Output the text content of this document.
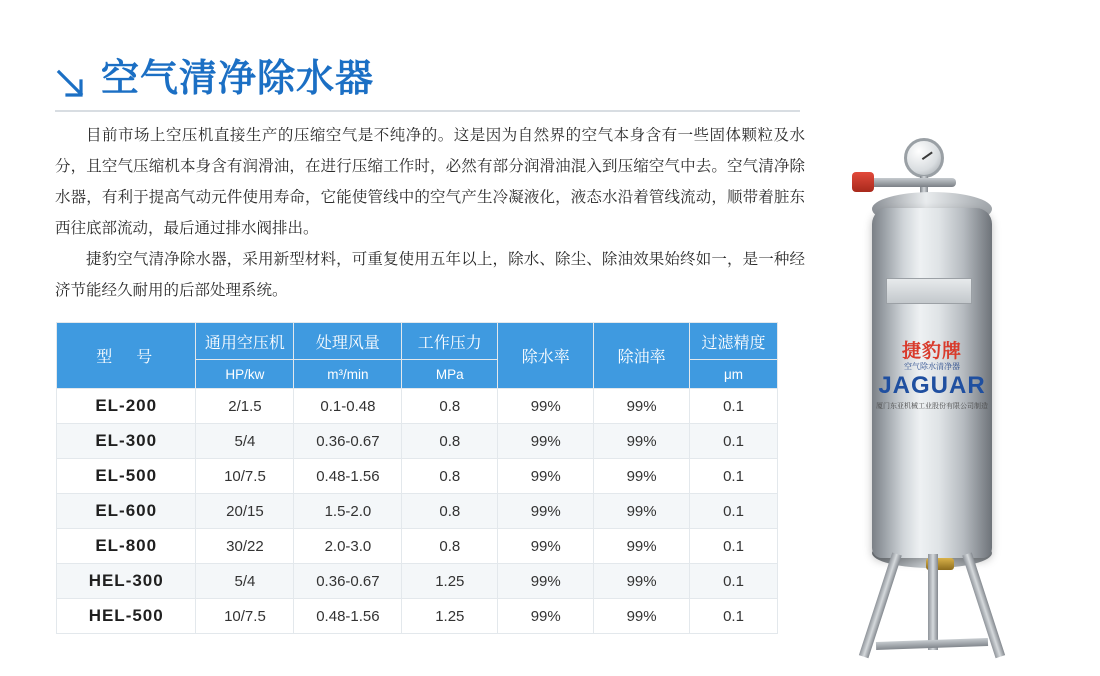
空气清净除水器

目前市场上空压机直接生产的压缩空气是不纯净的。这是因为自然界的空气本身含有一些固体颗粒及水分，且空气压缩机本身含有润滑油，在进行压缩工作时，必然有部分润滑油混入到压缩空气中去。空气清净除水器，有利于提高气动元件使用寿命，它能使管线中的空气产生冷凝液化，液态水沿着管线流动，顺带着脏东西往底部流动，最后通过排水阀排出。

捷豹空气清净除水器，采用新型材料，可重复使用五年以上，除水、除尘、除油效果始终如一，是一种经济节能经久耐用的后部处理系统。

型　号	通用空压机	处理风量	工作压力	除水率	除油率	过滤精度
	HP/kw	m³/min	MPa			μm
EL-200	2/1.5	0.1-0.48	0.8	99%	99%	0.1
EL-300	5/4	0.36-0.67	0.8	99%	99%	0.1
EL-500	10/7.5	0.48-1.56	0.8	99%	99%	0.1
EL-600	20/15	1.5-2.0	0.8	99%	99%	0.1
EL-800	30/22	2.0-3.0	0.8	99%	99%	0.1
HEL-300	5/4	0.36-0.67	1.25	99%	99%	0.1
HEL-500	10/7.5	0.48-1.56	1.25	99%	99%	0.1
捷豹牌
空气除水清净器
JAGUAR
厦门东亚机械工业股份有限公司制造
